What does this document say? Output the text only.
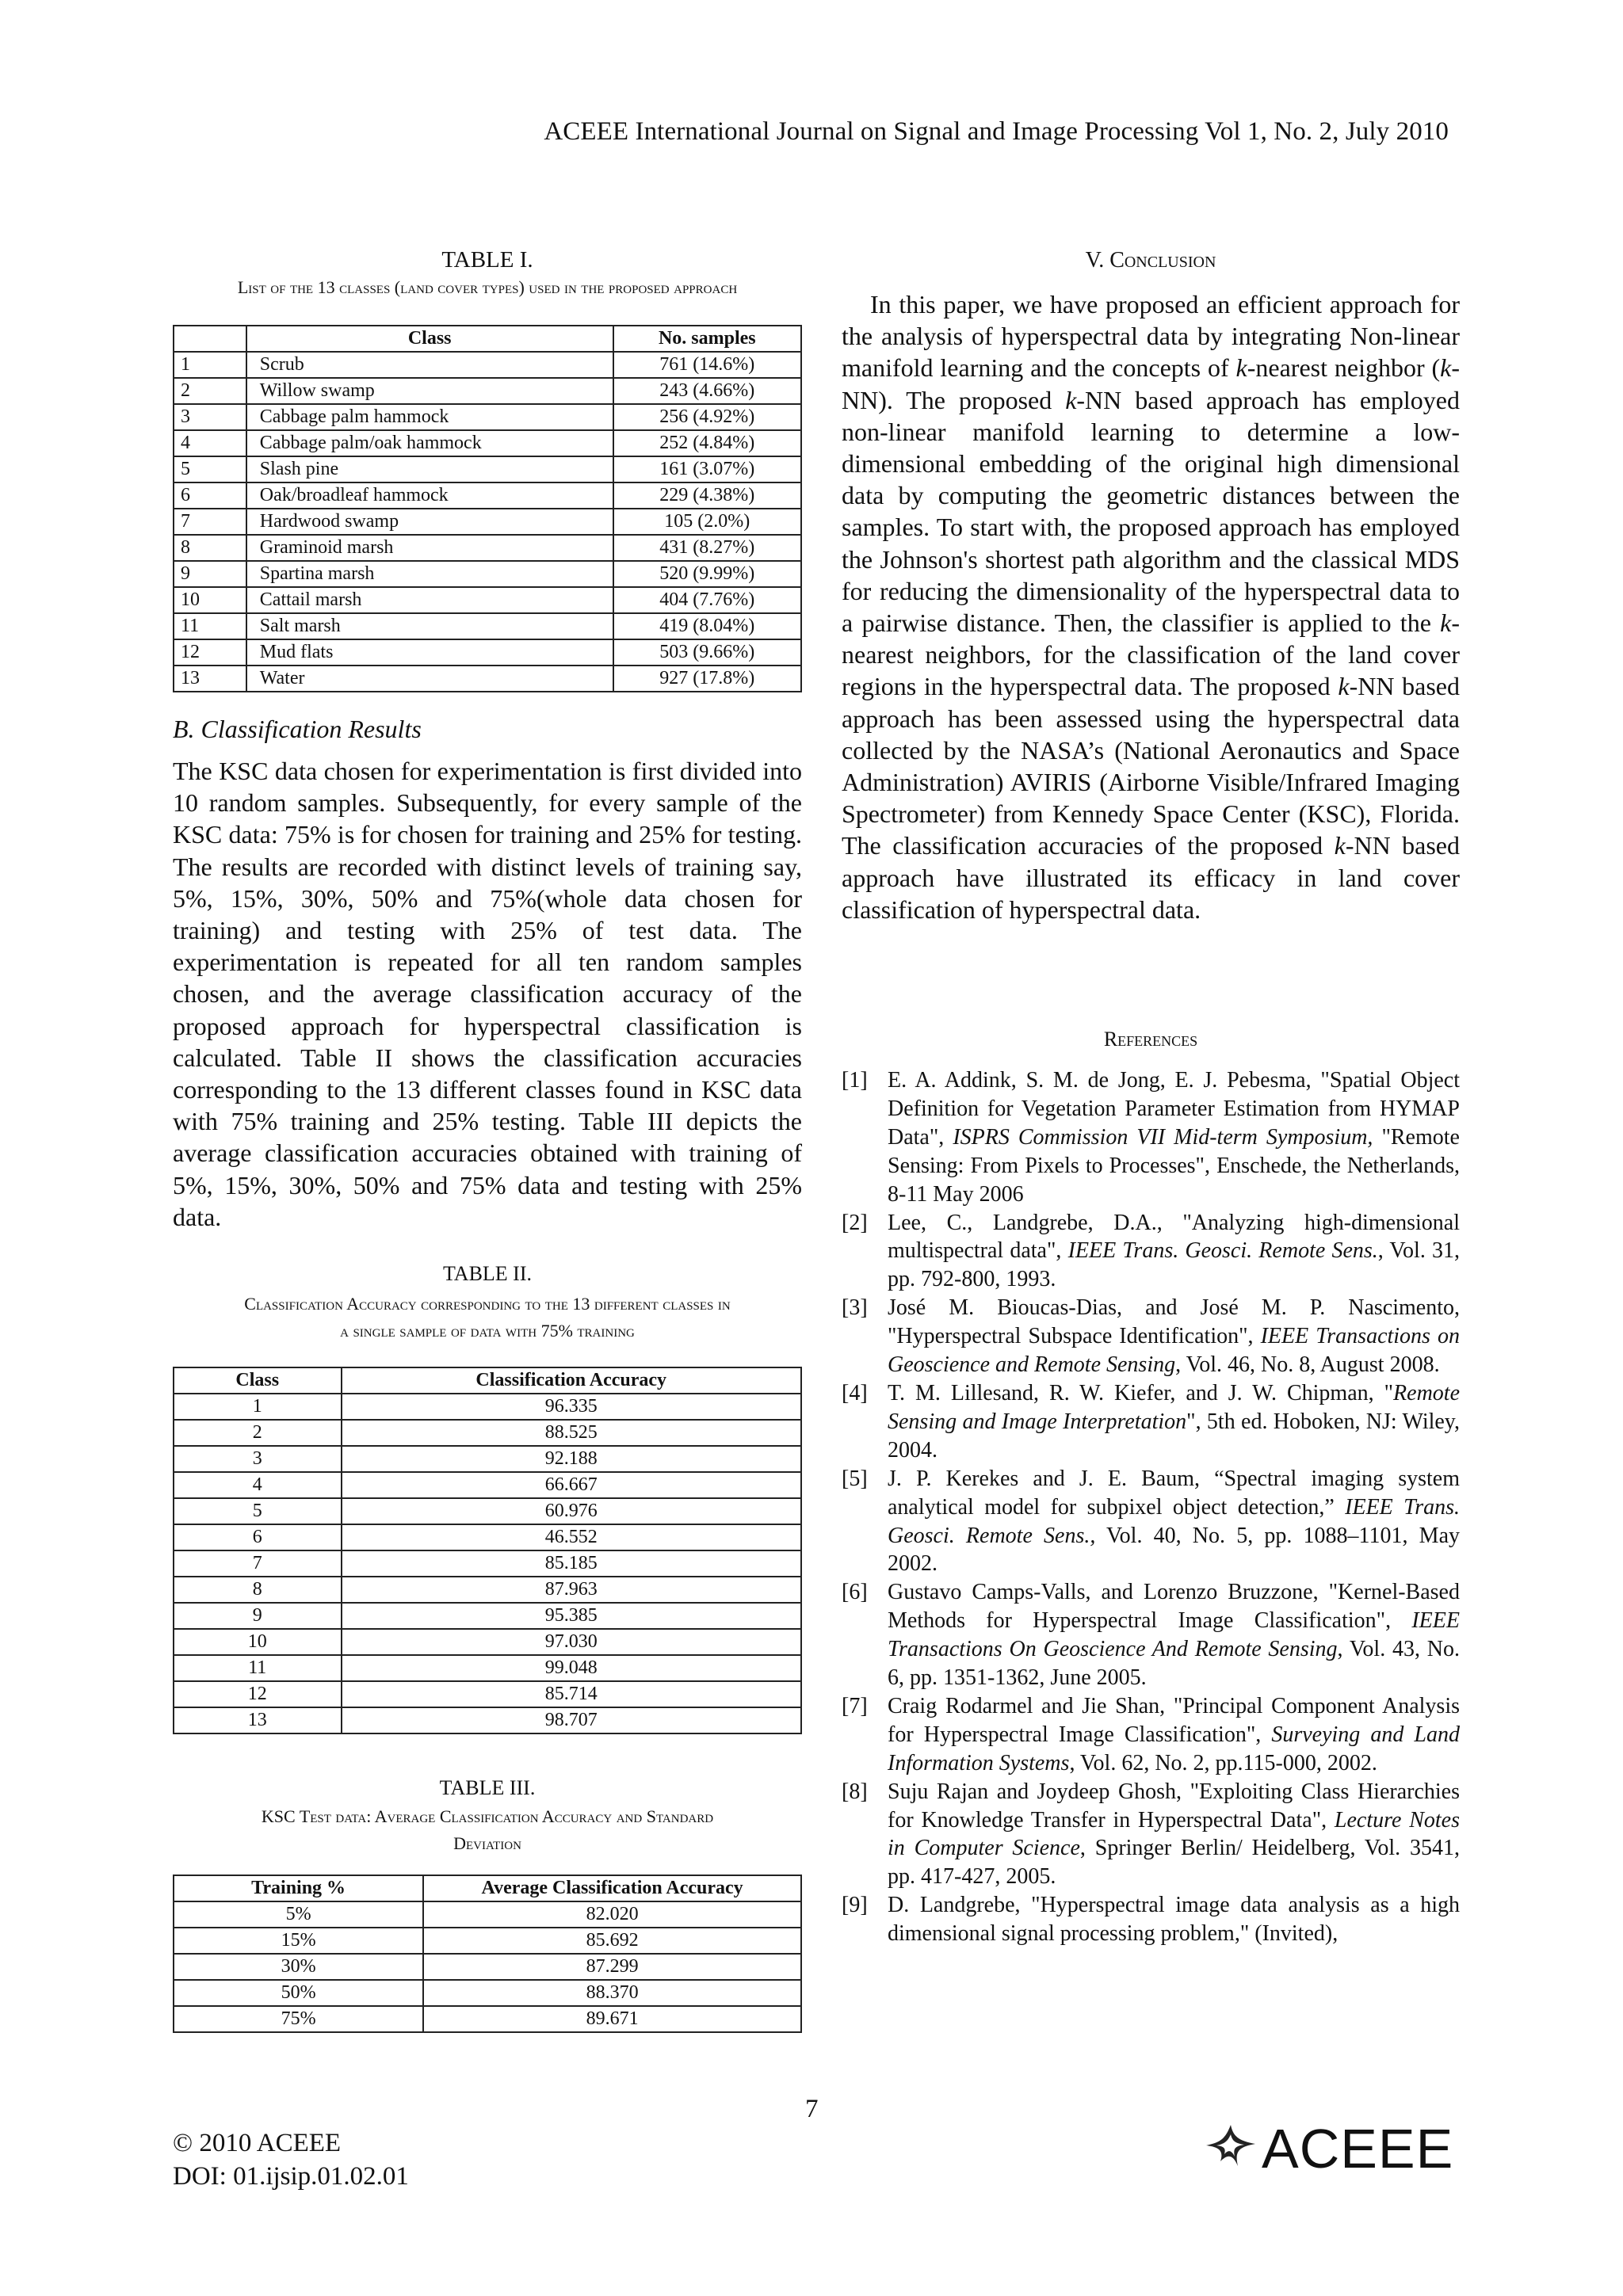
ACEEE International Journal on Signal and Image Processing Vol 1, No. 2, July 2010
TABLE I.
List of the 13 classes (land cover types) used in the proposed approach
	Class	No. samples
1	Scrub	761 (14.6%)
2	Willow swamp	243 (4.66%)
3	Cabbage palm hammock	256 (4.92%)
4	Cabbage palm/oak hammock	252 (4.84%)
5	Slash pine	161 (3.07%)
6	Oak/broadleaf hammock	229 (4.38%)
7	Hardwood swamp	105 (2.0%)
8	Graminoid marsh	431 (8.27%)
9	Spartina marsh	520 (9.99%)
10	Cattail marsh	404 (7.76%)
11	Salt marsh	419 (8.04%)
12	Mud flats	503 (9.66%)
13	Water	927 (17.8%)
B. Classification Results

The KSC data chosen for experimentation is first divided into 10 random samples. Subsequently, for every sample of the KSC data: 75% is for chosen for training and 25% for testing. The results are recorded with distinct levels of training say, 5%, 15%, 30%, 50% and 75%(whole data chosen for training) and testing with 25% of test data. The experimentation is repeated for all ten random samples chosen, and the average classification accuracy of the proposed approach for hyperspectral classification is calculated. Table II shows the classification accuracies corresponding to the 13 different classes found in KSC data with 75% training and 25% testing. Table III depicts the average classification accuracies obtained with training of 5%, 15%, 30%, 50% and 75% data and testing with 25% data.

TABLE II.
Classification Accuracy corresponding to the 13 different classes in
a single sample of data with 75% training
Class	Classification Accuracy
1	96.335
2	88.525
3	92.188
4	66.667
5	60.976
6	46.552
7	85.185
8	87.963
9	95.385
10	97.030
11	99.048
12	85.714
13	98.707
TABLE III.
KSC Test data: Average Classification Accuracy and Standard
Deviation
Training %	Average Classification Accuracy
5%	82.020
15%	85.692
30%	87.299
50%	88.370
75%	89.671
V. Conclusion

In this paper, we have proposed an efficient approach for the analysis of hyperspectral data by integrating Non-linear manifold learning and the concepts of k-nearest neighbor (k-NN). The proposed k-NN based approach has employed non-linear manifold learning to determine a low-dimensional embedding of the original high dimensional data by computing the geometric distances between the samples. To start with, the proposed approach has employed the Johnson's shortest path algorithm and the classical MDS for reducing the dimensionality of the hyperspectral data to a pairwise distance. Then, the classifier is applied to the k-nearest neighbors, for the classification of the land cover regions in the hyperspectral data. The proposed k-NN based approach has been assessed using the hyperspectral data collected by the NASA’s (National Aeronautics and Space Administration) AVIRIS (Airborne Visible/Infrared Imaging Spectrometer) from Kennedy Space Center (KSC), Florida. The classification accuracies of the proposed k-NN based approach have illustrated its efficacy in land cover classification of hyperspectral data.

References
[1] E. A. Addink, S. M. de Jong, E. J. Pebesma, "Spatial Object Definition for Vegetation Parameter Estimation from HYMAP Data", ISPRS Commission VII Mid-term Symposium, "Remote Sensing: From Pixels to Processes", Enschede, the Netherlands, 8-11 May 2006
[2] Lee, C., Landgrebe, D.A., "Analyzing high-dimensional multispectral data", IEEE Trans. Geosci. Remote Sens., Vol. 31, pp. 792-800, 1993.
[3] José M. Bioucas-Dias, and José M. P. Nascimento, "Hyperspectral Subspace Identification", IEEE Transactions on Geoscience and Remote Sensing, Vol. 46, No. 8, August 2008.
[4] T. M. Lillesand, R. W. Kiefer, and J. W. Chipman, "Remote Sensing and Image Interpretation", 5th ed. Hoboken, NJ: Wiley, 2004.
[5] J. P. Kerekes and J. E. Baum, “Spectral imaging system analytical model for subpixel object detection,” IEEE Trans. Geosci. Remote Sens., Vol. 40, No. 5, pp. 1088–1101, May 2002.
[6] Gustavo Camps-Valls, and Lorenzo Bruzzone, "Kernel-Based Methods for Hyperspectral Image Classification", IEEE Transactions On Geoscience And Remote Sensing, Vol. 43, No. 6, pp. 1351-1362, June 2005.
[7] Craig Rodarmel and Jie Shan, "Principal Component Analysis for Hyperspectral Image Classification", Surveying and Land Information Systems, Vol. 62, No. 2, pp.115-000, 2002.
[8] Suju Rajan and Joydeep Ghosh, "Exploiting Class Hierarchies for Knowledge Transfer in Hyperspectral Data", Lecture Notes in Computer Science, Springer Berlin/ Heidelberg, Vol. 3541, pp. 417-427, 2005.
[9] D. Landgrebe, "Hyperspectral image data analysis as a high dimensional signal processing problem," (Invited),
7
© 2010 ACEEE
DOI: 01.ijsip.01.02.01	ACEEE
